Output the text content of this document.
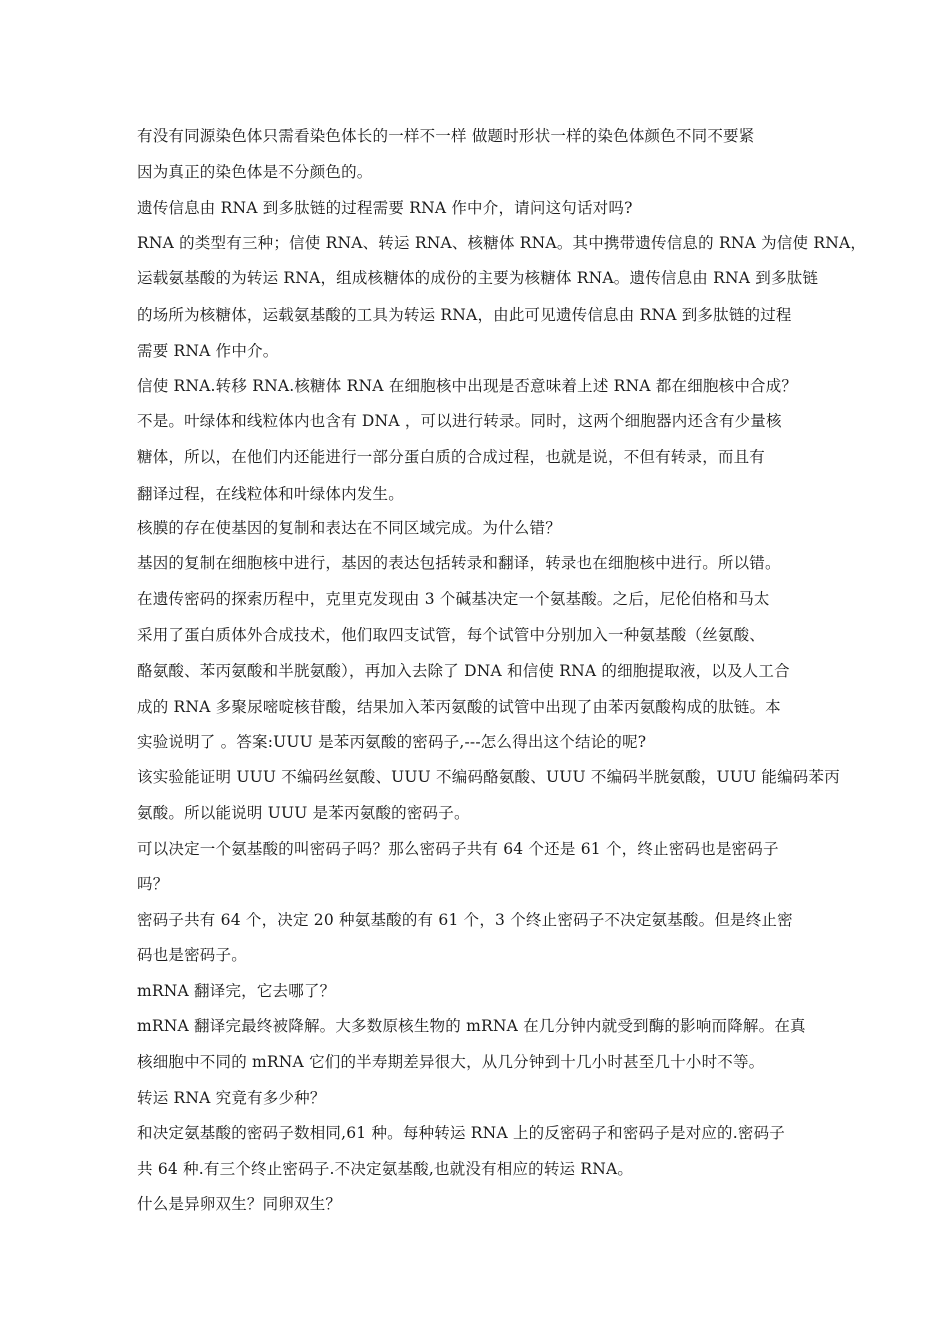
有没有同源染色体只需看染色体长的一样不一样 做题时形状一样的染色体颜色不同不要紧
因为真正的染色体是不分颜色的。
遗传信息由 RNA 到多肽链的过程需要 RNA 作中介，请问这句话对吗?
RNA 的类型有三种；信使 RNA、转运 RNA、核糖体 RNA。其中携带遗传信息的 RNA 为信使 RNA，
运载氨基酸的为转运 RNA，组成核糖体的成份的主要为核糖体 RNA。遗传信息由 RNA 到多肽链
的场所为核糖体，运载氨基酸的工具为转运 RNA，由此可见遗传信息由 RNA 到多肽链的过程
需要 RNA 作中介。
信使 RNA.转移 RNA.核糖体 RNA 在细胞核中出现是否意味着上述 RNA 都在细胞核中合成？
不是。叶绿体和线粒体内也含有 DNA ，可以进行转录。同时，这两个细胞器内还含有少量核
糖体，所以，在他们内还能进行一部分蛋白质的合成过程，也就是说，不但有转录，而且有
翻译过程，在线粒体和叶绿体内发生。
核膜的存在使基因的复制和表达在不同区域完成。为什么错？
基因的复制在细胞核中进行，基因的表达包括转录和翻译，转录也在细胞核中进行。所以错。
在遗传密码的探索历程中，克里克发现由 3 个碱基决定一个氨基酸。之后，尼伦伯格和马太
采用了蛋白质体外合成技术，他们取四支试管，每个试管中分别加入一种氨基酸（丝氨酸、
酪氨酸、苯丙氨酸和半胱氨酸），再加入去除了 DNA 和信使 RNA 的细胞提取液，以及人工合
成的 RNA 多聚尿嘧啶核苷酸，结果加入苯丙氨酸的试管中出现了由苯丙氨酸构成的肽链。本
实验说明了 。答案:UUU 是苯丙氨酸的密码子,---怎么得出这个结论的呢?
该实验能证明 UUU 不编码丝氨酸、UUU 不编码酪氨酸、UUU 不编码半胱氨酸，UUU 能编码苯丙
氨酸。所以能说明 UUU 是苯丙氨酸的密码子。
可以决定一个氨基酸的叫密码子吗？那么密码子共有 64 个还是 61 个，终止密码也是密码子
吗？
密码子共有 64 个，决定 20 种氨基酸的有 61 个，3 个终止密码子不决定氨基酸。但是终止密
码也是密码子。
mRNA 翻译完，它去哪了？
mRNA 翻译完最终被降解。大多数原核生物的 mRNA 在几分钟内就受到酶的影响而降解。在真
核细胞中不同的 mRNA 它们的半寿期差异很大，从几分钟到十几小时甚至几十小时不等。
转运 RNA 究竟有多少种？
和决定氨基酸的密码子数相同,61 种。每种转运 RNA 上的反密码子和密码子是对应的.密码子
共 64 种.有三个终止密码子.不决定氨基酸,也就没有相应的转运 RNA。
什么是异卵双生？同卵双生？
